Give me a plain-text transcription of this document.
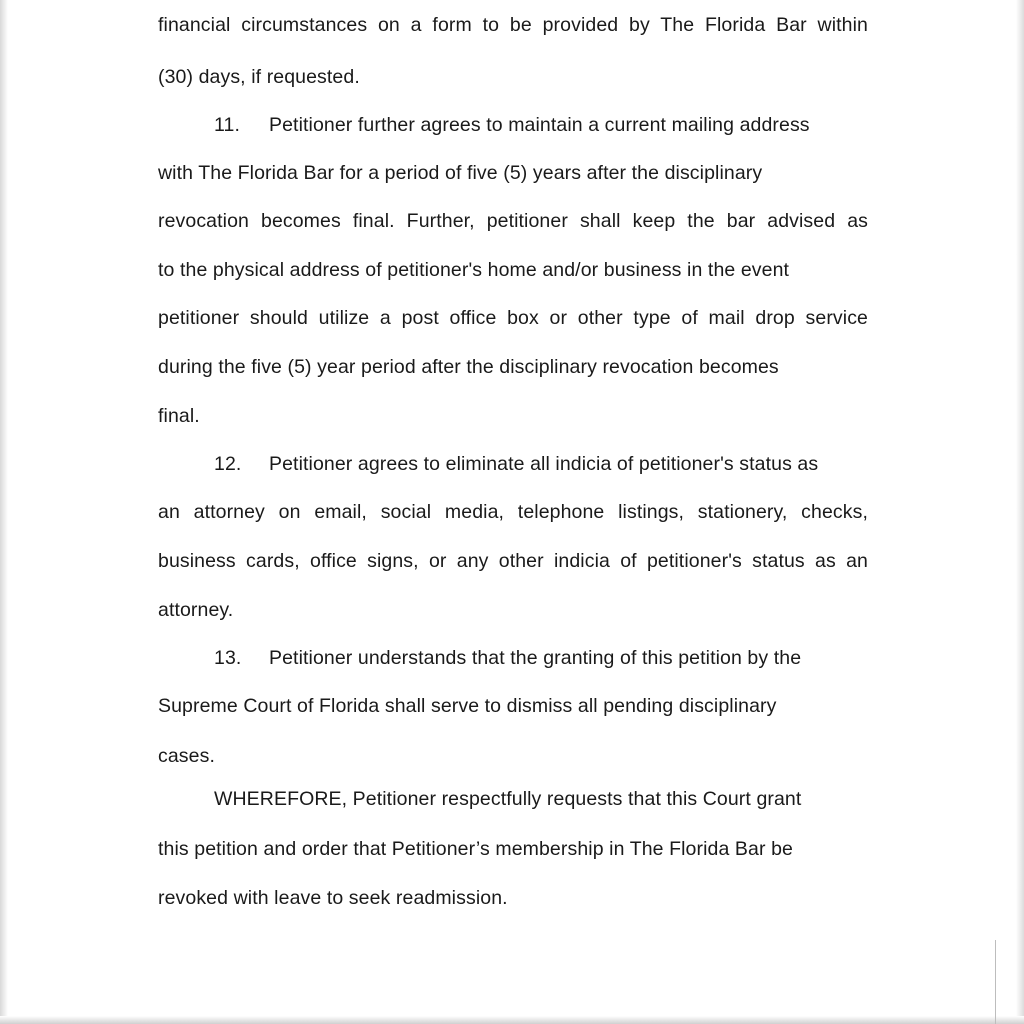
financial circumstances on a form to be provided by The Florida Bar within
(30) days, if requested.
11. Petitioner further agrees to maintain a current mailing address
with The Florida Bar for a period of five (5) years after the disciplinary
revocation becomes final. Further, petitioner shall keep the bar advised as
to the physical address of petitioner's home and/or business in the event
petitioner should utilize a post office box or other type of mail drop service
during the five (5) year period after the disciplinary revocation becomes
final.
12. Petitioner agrees to eliminate all indicia of petitioner's status as
an attorney on email, social media, telephone listings, stationery, checks,
business cards, office signs, or any other indicia of petitioner's status as an
attorney.
13. Petitioner understands that the granting of this petition by the
Supreme Court of Florida shall serve to dismiss all pending disciplinary
cases.
WHEREFORE, Petitioner respectfully requests that this Court grant
this petition and order that Petitioner’s membership in The Florida Bar be
revoked with leave to seek readmission.
